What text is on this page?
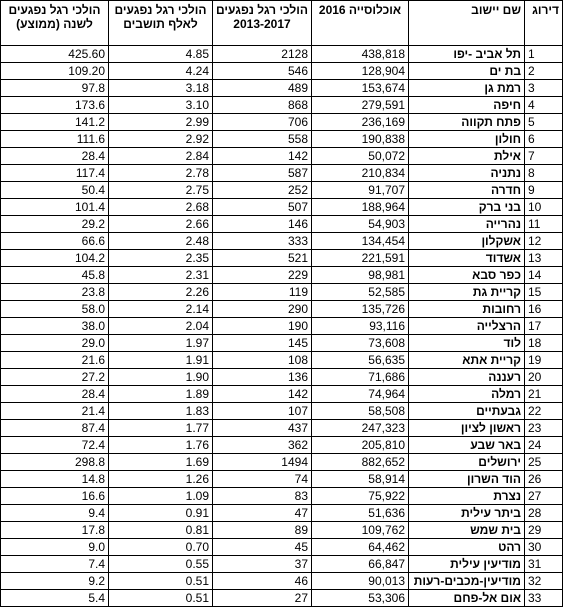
דירוג	שם יישוב	אוכלוסייה 2016	הולכי רגל נפגעים 2013-2017	הולכי רגל נפגעים לאלף תושבים	הולכי רגל נפגעים לשנה (ממוצע)
1	תל אביב -יפו	438,818	2128	4.85	425.60
2	בת ים	128,904	546	4.24	109.20
3	רמת גן	153,674	489	3.18	97.8
4	חיפה	279,591	868	3.10	173.6
5	פתח תקווה	236,169	706	2.99	141.2
6	חולון	190,838	558	2.92	111.6
7	אילת	50,072	142	2.84	28.4
8	נתניה	210,834	587	2.78	117.4
9	חדרה	91,707	252	2.75	50.4
10	בני ברק	188,964	507	2.68	101.4
11	נהרייה	54,903	146	2.66	29.2
12	אשקלון	134,454	333	2.48	66.6
13	אשדוד	221,591	521	2.35	104.2
14	כפר סבא	98,981	229	2.31	45.8
15	קריית גת	52,585	119	2.26	23.8
16	רחובות	135,726	290	2.14	58.0
17	הרצלייה	93,116	190	2.04	38.0
18	לוד	73,608	145	1.97	29.0
19	קריית אתא	56,635	108	1.91	21.6
20	רעננה	71,686	136	1.90	27.2
21	רמלה	74,964	142	1.89	28.4
22	גבעתיים	58,508	107	1.83	21.4
23	ראשון לציון	247,323	437	1.77	87.4
24	באר שבע	205,810	362	1.76	72.4
25	ירושלים	882,652	1494	1.69	298.8
26	הוד השרון	58,914	74	1.26	14.8
27	נצרת	75,922	83	1.09	16.6
28	ביתר עילית	51,636	47	0.91	9.4
29	בית שמש	109,762	89	0.81	17.8
30	רהט	64,462	45	0.70	9.0
31	מודיעין עילית	66,847	37	0.55	7.4
32	מודיעין-מכבים-רעות	90,013	46	0.51	9.2
33	אום אל-פחם	53,306	27	0.51	5.4
